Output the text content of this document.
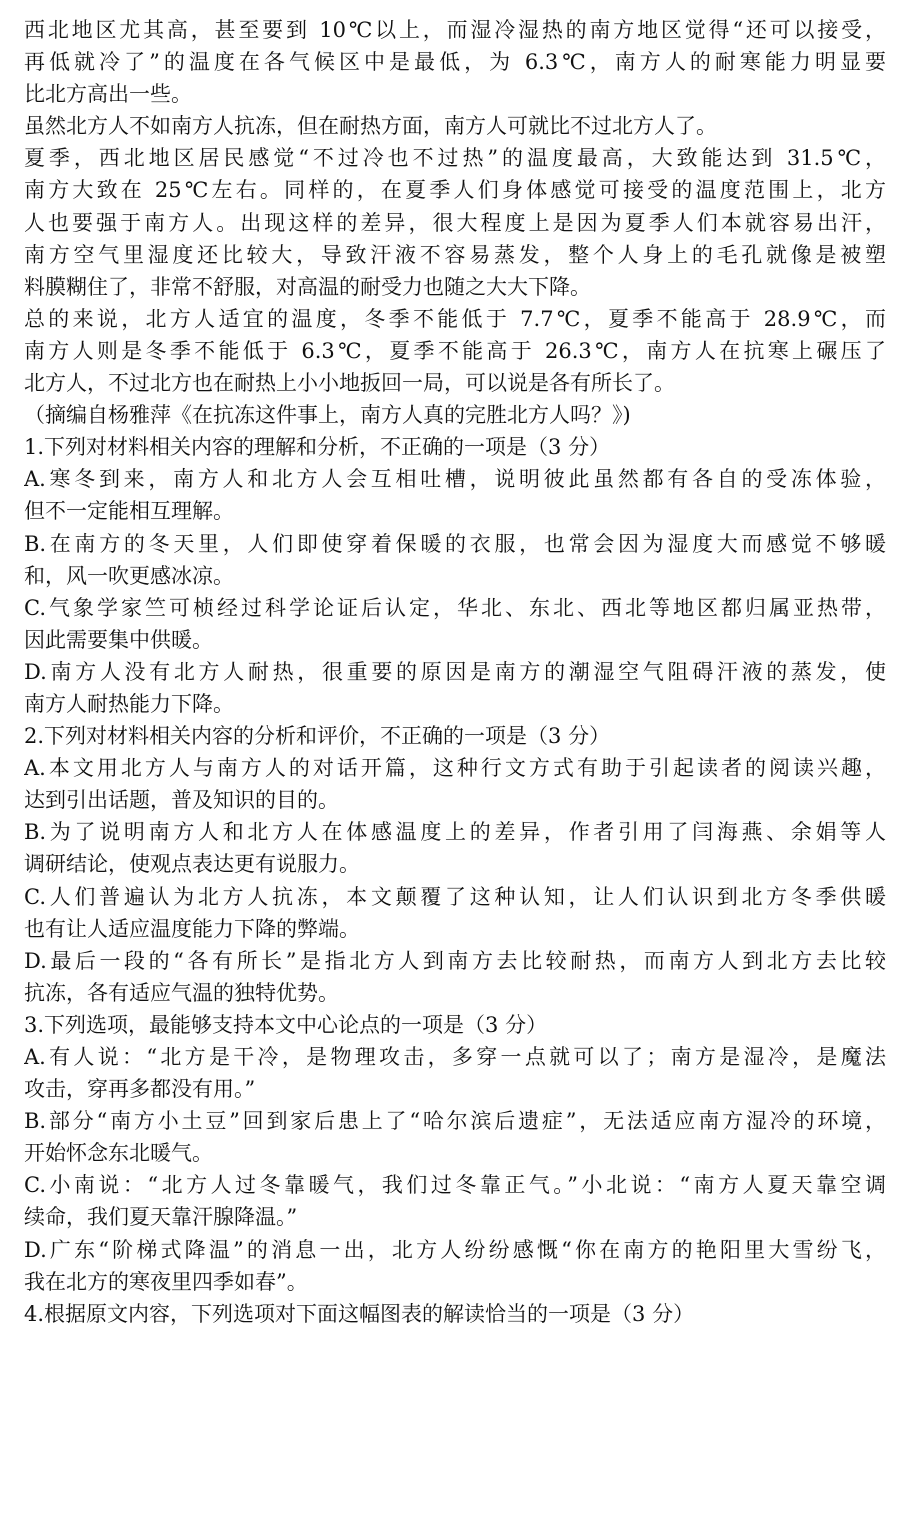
西北地区尤其高，甚至要到 10℃以上，而湿冷湿热的南方地区觉得“还可以接受，
再低就冷了”的温度在各气候区中是最低，为 6.3℃，南方人的耐寒能力明显要
比北方高出一些。
虽然北方人不如南方人抗冻，但在耐热方面，南方人可就比不过北方人了。
夏季，西北地区居民感觉“不过冷也不过热”的温度最高，大致能达到 31.5℃，
南方大致在 25℃左右。同样的，在夏季人们身体感觉可接受的温度范围上，北方
人也要强于南方人。出现这样的差异，很大程度上是因为夏季人们本就容易出汗，
南方空气里湿度还比较大，导致汗液不容易蒸发，整个人身上的毛孔就像是被塑
料膜糊住了，非常不舒服，对高温的耐受力也随之大大下降。
总的来说，北方人适宜的温度，冬季不能低于 7.7℃，夏季不能高于 28.9℃，而
南方人则是冬季不能低于 6.3℃，夏季不能高于 26.3℃，南方人在抗寒上碾压了
北方人，不过北方也在耐热上小小地扳回一局，可以说是各有所长了。
（摘编自杨雅萍《在抗冻这件事上，南方人真的完胜北方人吗？》)
1.下列对材料相关内容的理解和分析，不正确的一项是（3 分）
A.寒冬到来，南方人和北方人会互相吐槽，说明彼此虽然都有各自的受冻体验，
但不一定能相互理解。
B.在南方的冬天里，人们即使穿着保暖的衣服，也常会因为湿度大而感觉不够暖
和，风一吹更感冰凉。
C.气象学家竺可桢经过科学论证后认定，华北、东北、西北等地区都归属亚热带，
因此需要集中供暖。
D.南方人没有北方人耐热，很重要的原因是南方的潮湿空气阻碍汗液的蒸发，使
南方人耐热能力下降。
2.下列对材料相关内容的分析和评价，不正确的一项是（3 分）
A.本文用北方人与南方人的对话开篇，这种行文方式有助于引起读者的阅读兴趣，
达到引出话题，普及知识的目的。
B.为了说明南方人和北方人在体感温度上的差异，作者引用了闫海燕、余娟等人
调研结论，使观点表达更有说服力。
C.人们普遍认为北方人抗冻，本文颠覆了这种认知，让人们认识到北方冬季供暖
也有让人适应温度能力下降的弊端。
D.最后一段的“各有所长”是指北方人到南方去比较耐热，而南方人到北方去比较
抗冻，各有适应气温的独特优势。
3.下列选项，最能够支持本文中心论点的一项是（3 分）
A.有人说：“北方是干冷，是物理攻击，多穿一点就可以了；南方是湿冷，是魔法
攻击，穿再多都没有用。”
B.部分“南方小土豆”回到家后患上了“哈尔滨后遗症”，无法适应南方湿冷的环境，
开始怀念东北暖气。
C.小南说：“北方人过冬靠暖气，我们过冬靠正气。”小北说：“南方人夏天靠空调
续命，我们夏天靠汗腺降温。”
D.广东“阶梯式降温”的消息一出，北方人纷纷感慨“你在南方的艳阳里大雪纷飞，
我在北方的寒夜里四季如春”。
4.根据原文内容，下列选项对下面这幅图表的解读恰当的一项是（3 分）
